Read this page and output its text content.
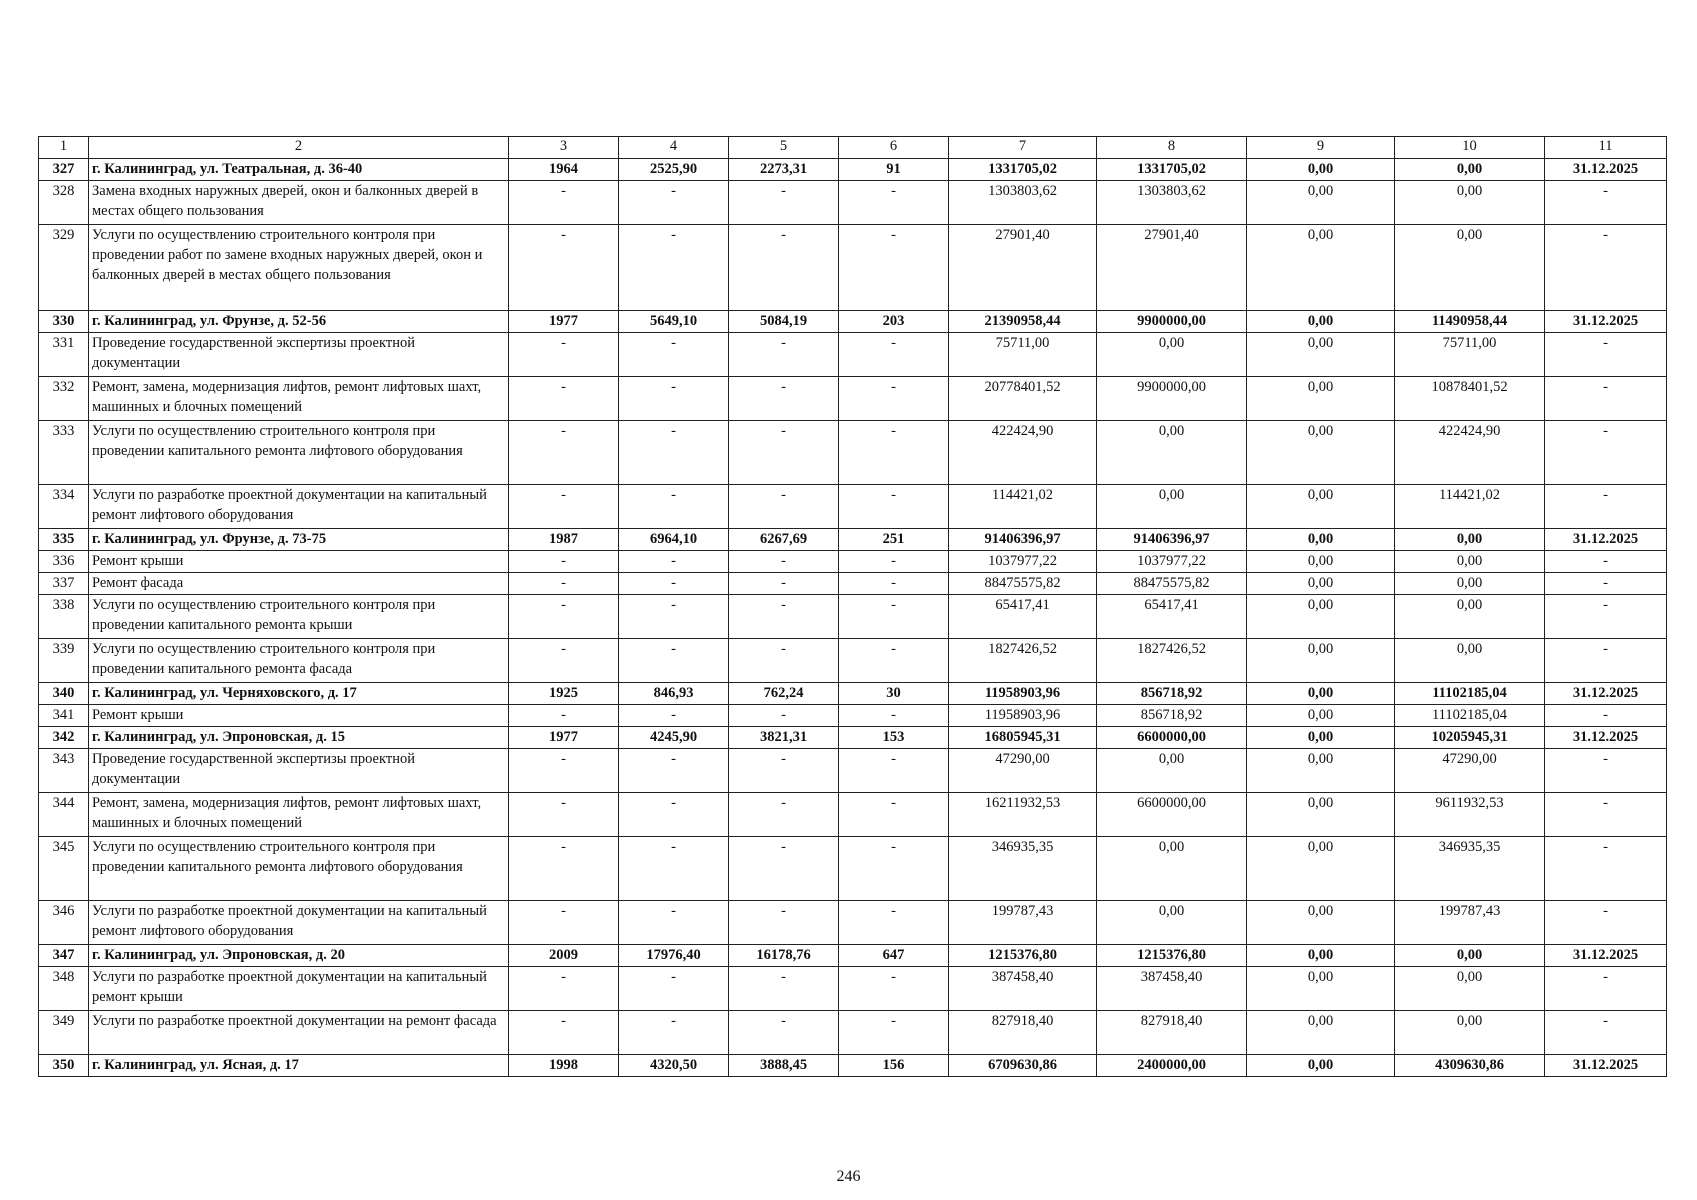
1	2	3	4	5	6	7	8	9	10	11
327	г. Калининград, ул. Театральная, д. 36-40	1964	2525,90	2273,31	91	1331705,02	1331705,02	0,00	0,00	31.12.2025
328	Замена входных наружных дверей, окон и балконных дверей в местах общего пользования	-	-	-	-	1303803,62	1303803,62	0,00	0,00	-
329	Услуги по осуществлению строительного контроля при проведении работ по замене входных наружных дверей, окон и балконных дверей в местах общего пользования	-	-	-	-	27901,40	27901,40	0,00	0,00	-
330	г. Калининград, ул. Фрунзе, д. 52-56	1977	5649,10	5084,19	203	21390958,44	9900000,00	0,00	11490958,44	31.12.2025
331	Проведение государственной экспертизы проектной документации	-	-	-	-	75711,00	0,00	0,00	75711,00	-
332	Ремонт, замена, модернизация лифтов, ремонт лифтовых шахт, машинных и блочных помещений	-	-	-	-	20778401,52	9900000,00	0,00	10878401,52	-
333	Услуги по осуществлению строительного контроля при проведении капитального ремонта лифтового оборудования	-	-	-	-	422424,90	0,00	0,00	422424,90	-
334	Услуги по разработке проектной документации на капитальный ремонт лифтового оборудования	-	-	-	-	114421,02	0,00	0,00	114421,02	-
335	г. Калининград, ул. Фрунзе, д. 73-75	1987	6964,10	6267,69	251	91406396,97	91406396,97	0,00	0,00	31.12.2025
336	Ремонт крыши	-	-	-	-	1037977,22	1037977,22	0,00	0,00	-
337	Ремонт фасада	-	-	-	-	88475575,82	88475575,82	0,00	0,00	-
338	Услуги по осуществлению строительного контроля при проведении капитального ремонта крыши	-	-	-	-	65417,41	65417,41	0,00	0,00	-
339	Услуги по осуществлению строительного контроля при проведении капитального ремонта фасада	-	-	-	-	1827426,52	1827426,52	0,00	0,00	-
340	г. Калининград, ул. Черняховского, д. 17	1925	846,93	762,24	30	11958903,96	856718,92	0,00	11102185,04	31.12.2025
341	Ремонт крыши	-	-	-	-	11958903,96	856718,92	0,00	11102185,04	-
342	г. Калининград, ул. Эпроновская, д. 15	1977	4245,90	3821,31	153	16805945,31	6600000,00	0,00	10205945,31	31.12.2025
343	Проведение государственной экспертизы проектной документации	-	-	-	-	47290,00	0,00	0,00	47290,00	-
344	Ремонт, замена, модернизация лифтов, ремонт лифтовых шахт, машинных и блочных помещений	-	-	-	-	16211932,53	6600000,00	0,00	9611932,53	-
345	Услуги по осуществлению строительного контроля при проведении капитального ремонта лифтового оборудования	-	-	-	-	346935,35	0,00	0,00	346935,35	-
346	Услуги по разработке проектной документации на капитальный ремонт лифтового оборудования	-	-	-	-	199787,43	0,00	0,00	199787,43	-
347	г. Калининград, ул. Эпроновская, д. 20	2009	17976,40	16178,76	647	1215376,80	1215376,80	0,00	0,00	31.12.2025
348	Услуги по разработке проектной документации на капитальный ремонт крыши	-	-	-	-	387458,40	387458,40	0,00	0,00	-
349	Услуги по разработке проектной документации на ремонт фасада	-	-	-	-	827918,40	827918,40	0,00	0,00	-
350	г. Калининград, ул. Ясная, д. 17	1998	4320,50	3888,45	156	6709630,86	2400000,00	0,00	4309630,86	31.12.2025
246
